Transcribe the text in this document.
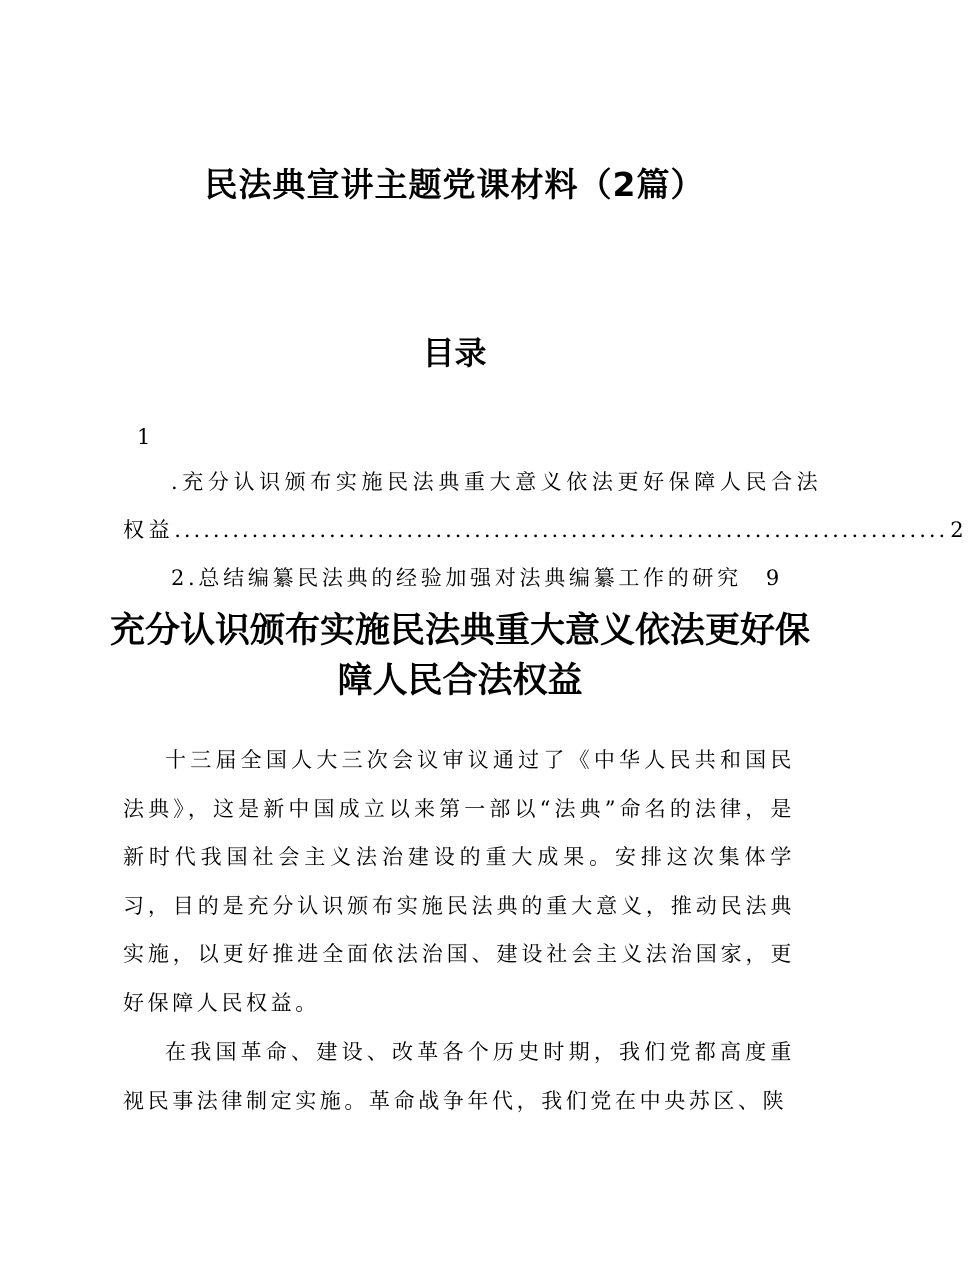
民法典宣讲主题党课材料（2篇）
目录
1
.充分认识颁布实施民法典重大意义依法更好保障人民合法
权益 ................................................................................ 2
2.总结编纂民法典的经验加强对法典编纂工作的研究 9
充分认识颁布实施民法典重大意义依法更好保障人民合法权益

十三届全国人大三次会议审议通过了《中华人民共和国民法典》，这是新中国成立以来第一部以“法典”命名的法律，是新时代我国社会主义法治建设的重大成果。安排这次集体学习，目的是充分认识颁布实施民法典的重大意义，推动民法典实施，以更好推进全面依法治国、建设社会主义法治国家，更好保障人民权益。

在我国革命、建设、改革各个历史时期，我们党都高度重视民事法律制定实施。革命战争年代，我们党在中央苏区、陕
